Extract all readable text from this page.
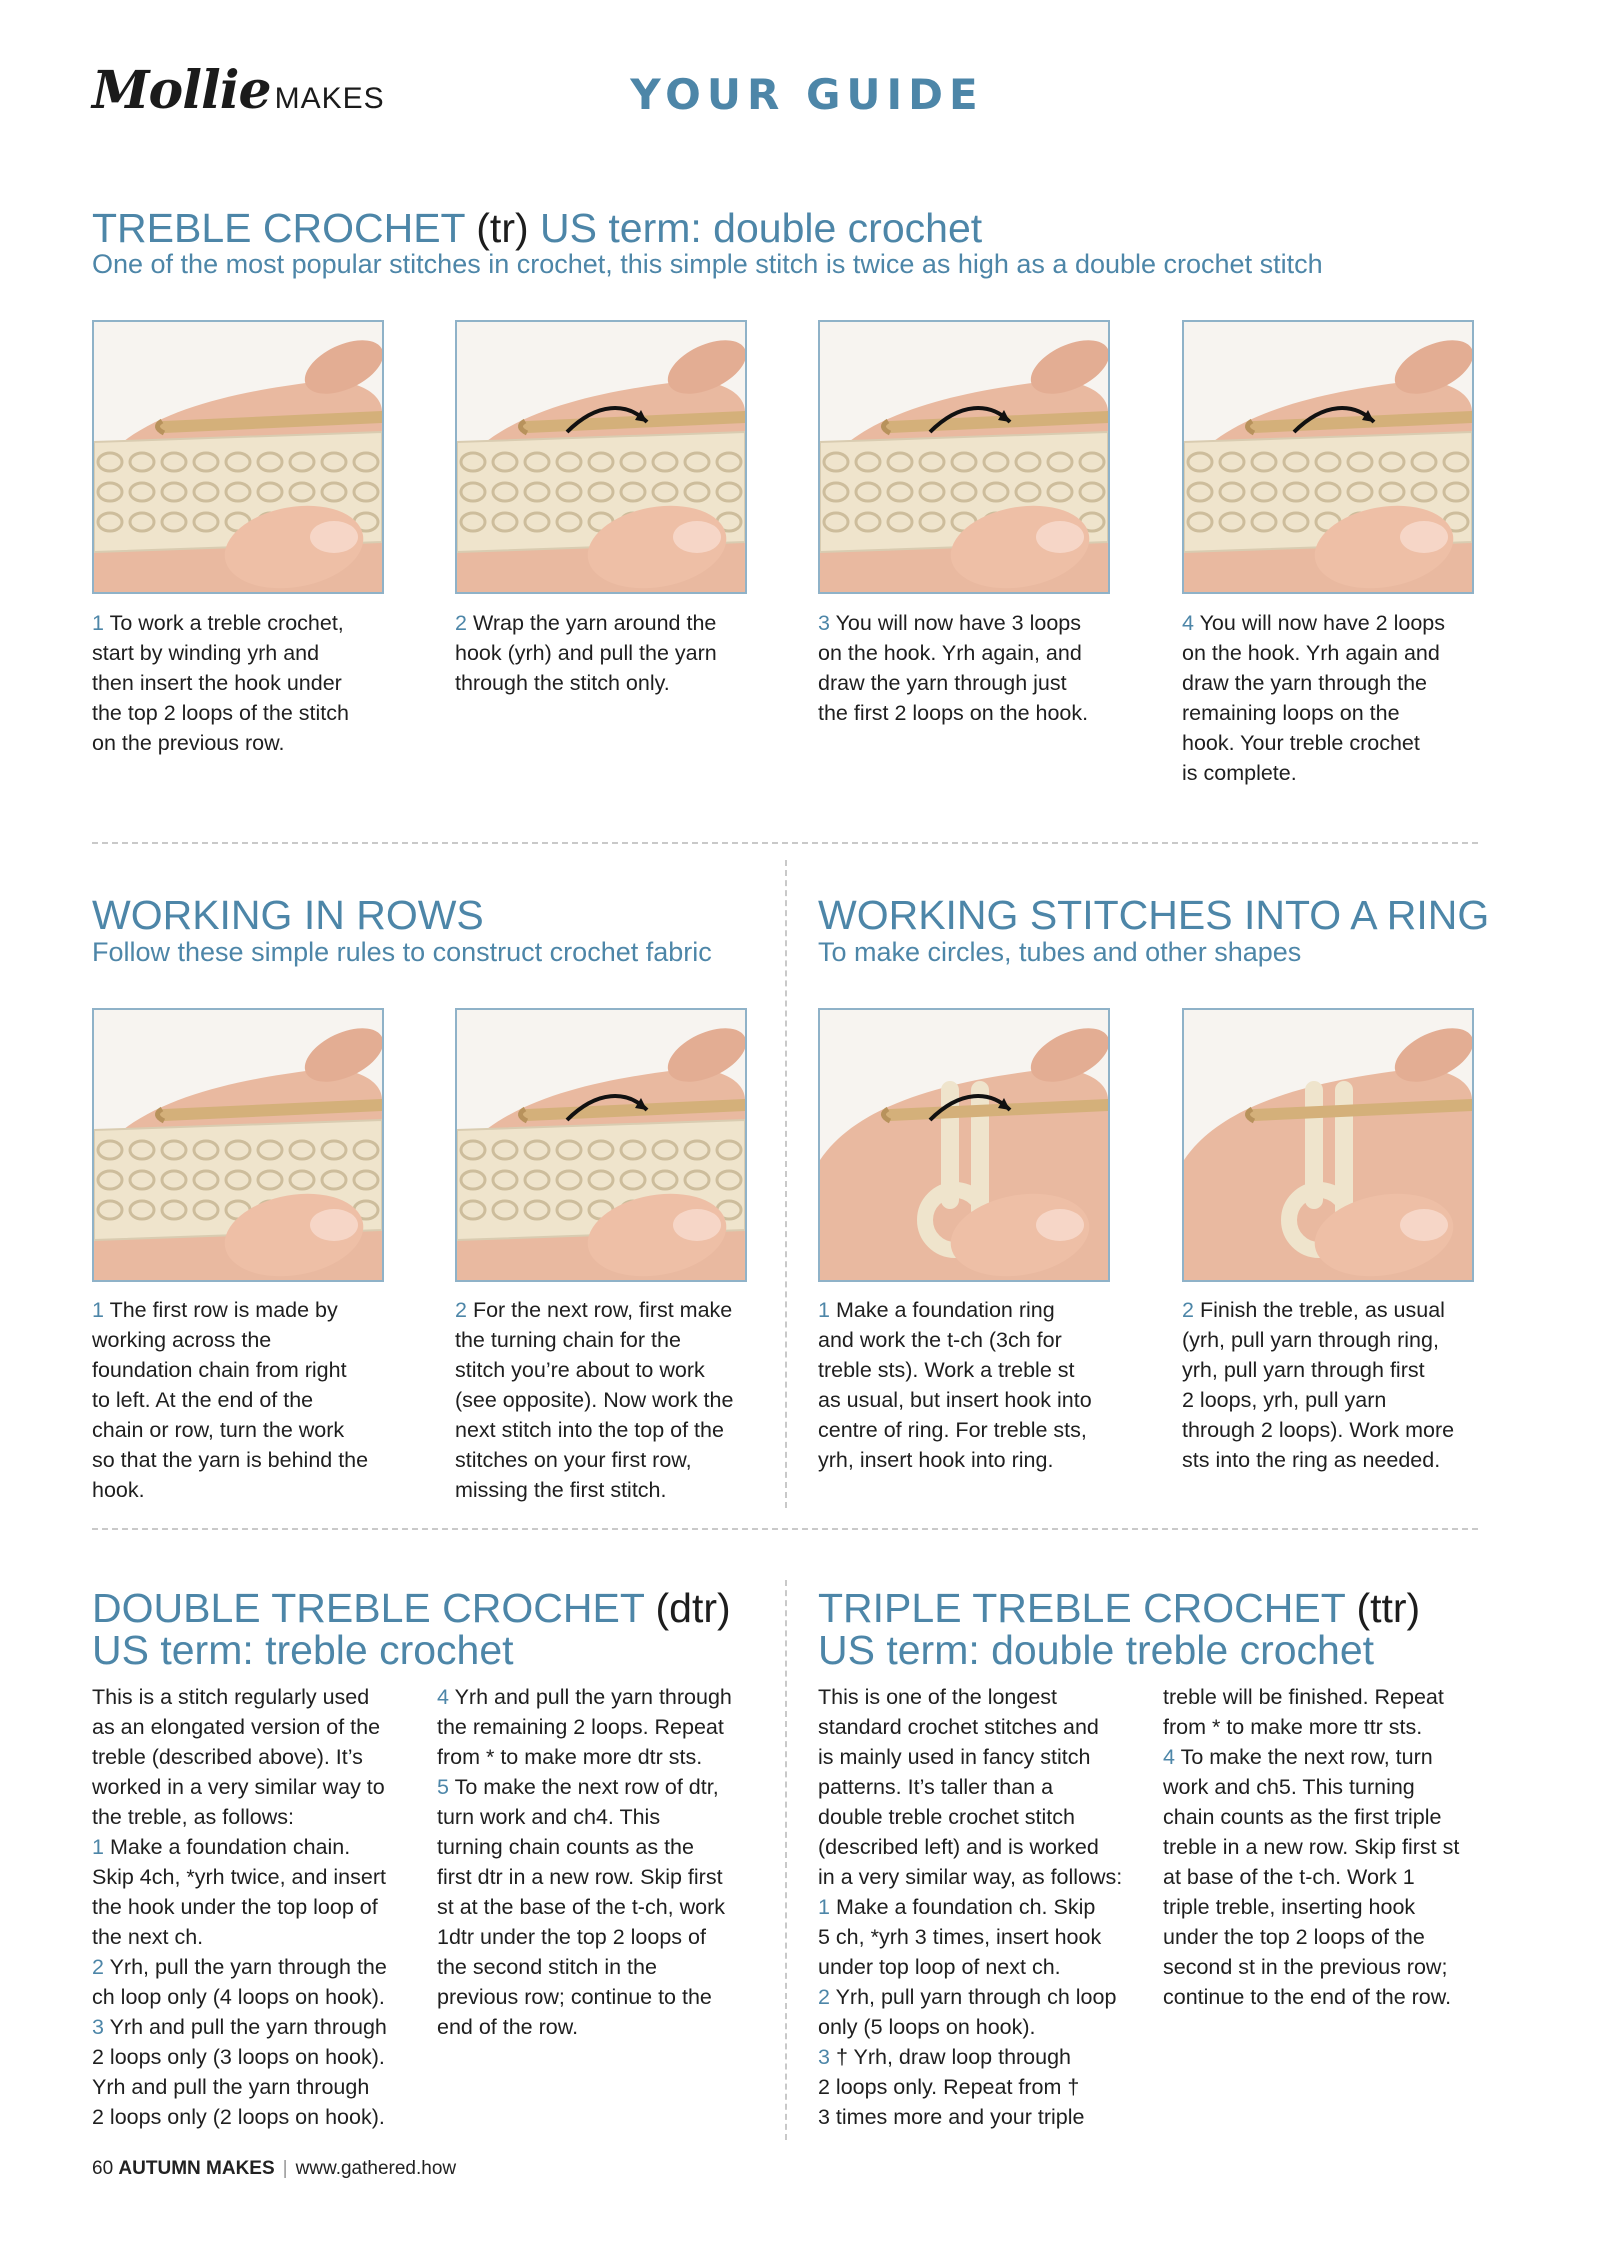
Mollie MAKES	YOUR GUIDE
TREBLE CROCHET (tr) US term: double crochet
One of the most popular stitches in crochet, this simple stitch is twice as high as a double crochet stitch
1 To work a treble crochet,
start by winding yrh and
then insert the hook under
the top 2 loops of the stitch
on the previous row.
2 Wrap the yarn around the
hook (yrh) and pull the yarn
through the stitch only.
3 You will now have 3 loops
on the hook. Yrh again, and
draw the yarn through just
the first 2 loops on the hook.
4 You will now have 2 loops
on the hook. Yrh again and
draw the yarn through the
remaining loops on the
hook. Your treble crochet
is complete.
WORKING IN ROWS
Follow these simple rules to construct crochet fabric
1 The first row is made by
working across the
foundation chain from right
to left. At the end of the
chain or row, turn the work
so that the yarn is behind the
hook.
2 For the next row, first make
the turning chain for the
stitch you’re about to work
(see opposite). Now work the
next stitch into the top of the
stitches on your first row,
missing the first stitch.
WORKING STITCHES INTO A RING
To make circles, tubes and other shapes
1 Make a foundation ring
and work the t-ch (3ch for
treble sts). Work a treble st
as usual, but insert hook into
centre of ring. For treble sts,
yrh, insert hook into ring.
2 Finish the treble, as usual
(yrh, pull yarn through ring,
yrh, pull yarn through first
2 loops, yrh, pull yarn
through 2 loops). Work more
sts into the ring as needed.
DOUBLE TREBLE CROCHET (dtr)
US term: treble crochet
This is a stitch regularly used
as an elongated version of the
treble (described above). It’s
worked in a very similar way to
the treble, as follows:
1 Make a foundation chain.
Skip 4ch, *yrh twice, and insert
the hook under the top loop of
the next ch.
2 Yrh, pull the yarn through the
ch loop only (4 loops on hook).
3 Yrh and pull the yarn through
2 loops only (3 loops on hook).
Yrh and pull the yarn through
2 loops only (2 loops on hook).
4 Yrh and pull the yarn through
the remaining 2 loops. Repeat
from * to make more dtr sts.
5 To make the next row of dtr,
turn work and ch4. This
turning chain counts as the
first dtr in a new row. Skip first
st at the base of the t-ch, work
1dtr under the top 2 loops of
the second stitch in the
previous row; continue to the
end of the row.
TRIPLE TREBLE CROCHET (ttr)
US term: double treble crochet
This is one of the longest
standard crochet stitches and
is mainly used in fancy stitch
patterns. It’s taller than a
double treble crochet stitch
(described left) and is worked
in a very similar way, as follows:
1 Make a foundation ch. Skip
5 ch, *yrh 3 times, insert hook
under top loop of next ch.
2 Yrh, pull yarn through ch loop
only (5 loops on hook).
3 † Yrh, draw loop through
2 loops only. Repeat from †
3 times more and your triple
treble will be finished. Repeat
from * to make more ttr sts.
4 To make the next row, turn
work and ch5. This turning
chain counts as the first triple
treble in a new row. Skip first st
at base of the t-ch. Work 1
triple treble, inserting hook
under the top 2 loops of the
second st in the previous row;
continue to the end of the row.
60 AUTUMN MAKES | www.gathered.how
